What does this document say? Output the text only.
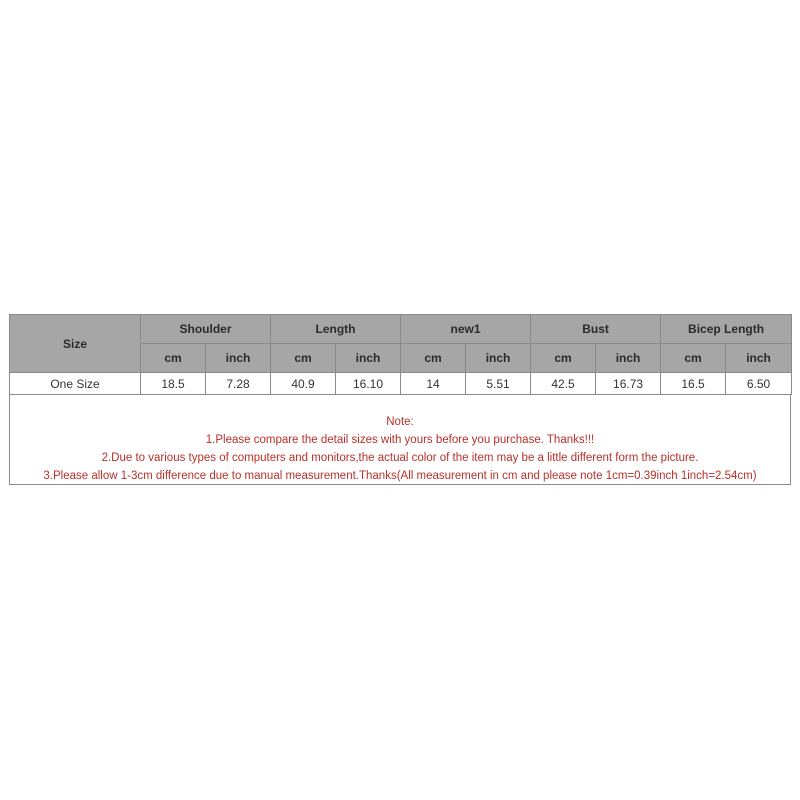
Size	Shoulder		Length		new1		Bust		Bicep Length	
	cm	inch	cm	inch	cm	inch	cm	inch	cm	inch
One Size	18.5	7.28	40.9	16.10	14	5.51	42.5	16.73	16.5	6.50
Note:
1.Please compare the detail sizes with yours before you purchase. Thanks!!!
2.Due to various types of computers and monitors,the actual color of the item may be a little different form the picture.
3.Please allow 1-3cm difference due to manual measurement.Thanks(All measurement in cm and please note 1cm=0.39inch 1inch=2.54cm)
